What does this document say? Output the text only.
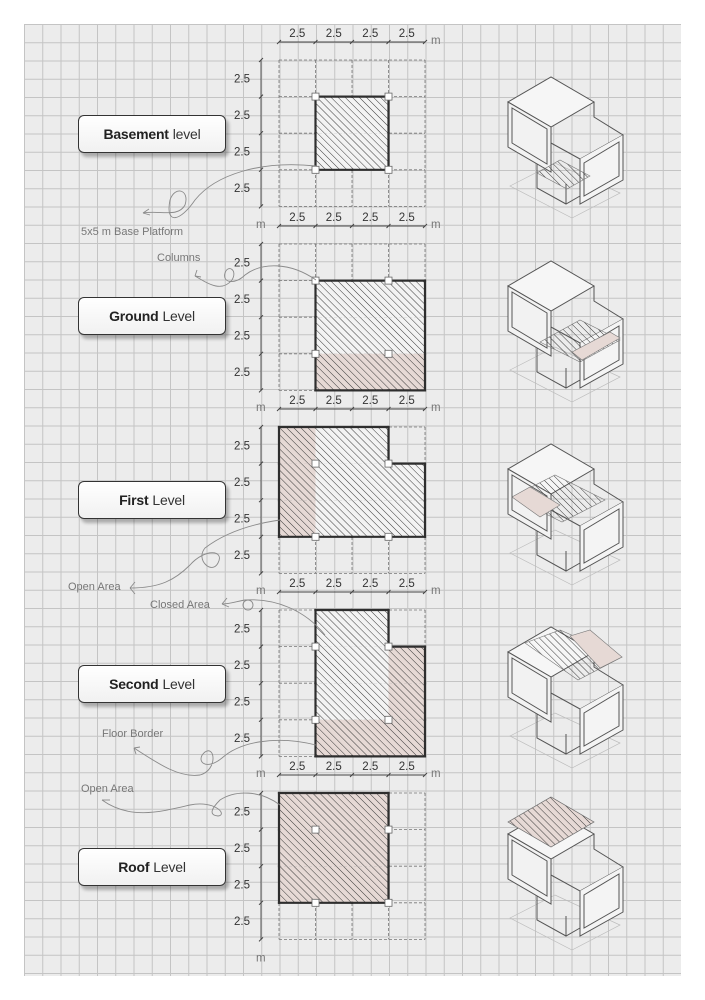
2.5 2.5 2.5 2.5
m
2.5
2.5
2.5
2.5
2.5 2.5 2.5 2.5
m
m
2.5
2.5
2.5
2.5
2.5 2.5 2.5 2.5
m
m
2.5
2.5
2.5
2.5
2.5 2.5 2.5 2.5
m
m
2.5
2.5
2.5
2.5
2.5 2.5 2.5 2.5
m
m
2.5
2.5
2.5
2.5
m
Basement level
Ground Level
First Level
Second Level
Roof Level
5x5 m Base Platform
Columns
Open Area
Closed Area
Floor Border
Open Area
